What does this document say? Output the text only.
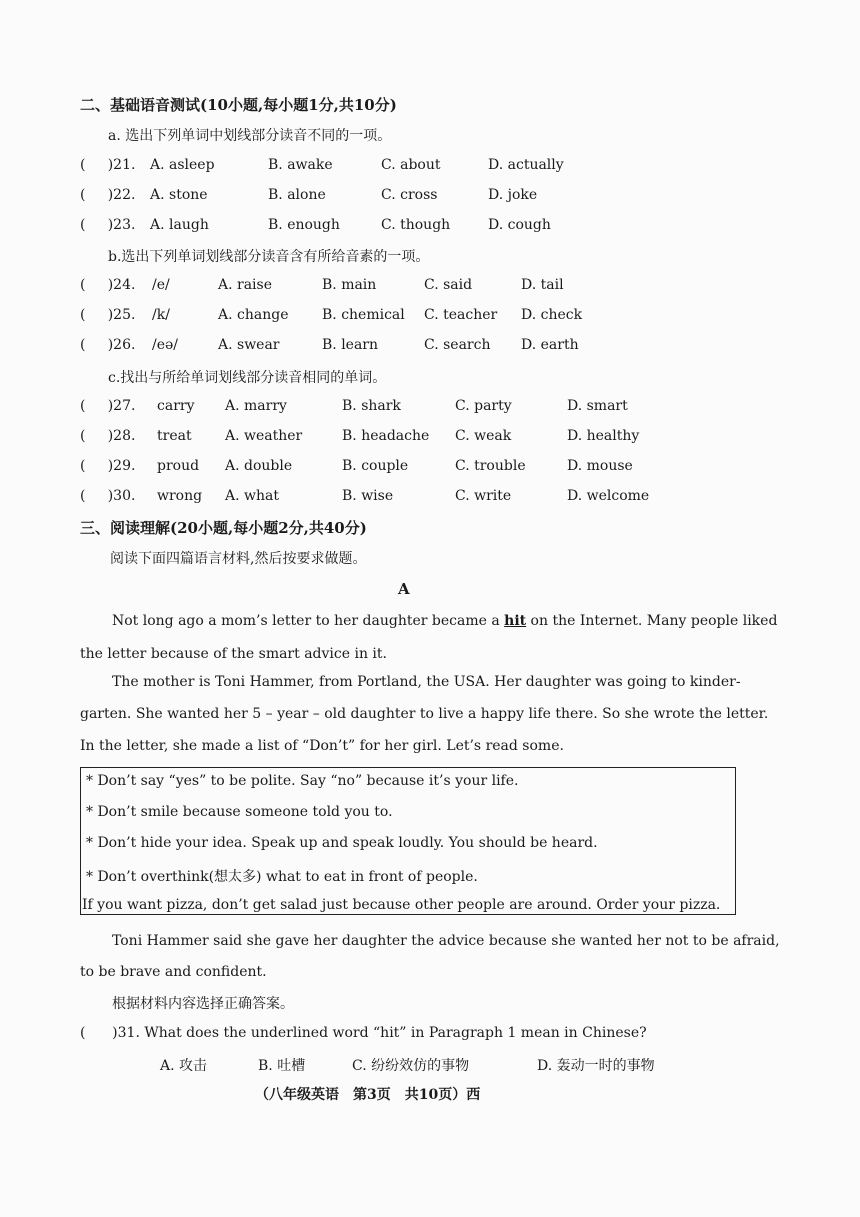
二、基础语音测试(10小题,每小题1分,共10分)
a. 选出下列单词中划线部分读音不同的一项。
(     )21. A. asleep	B. awake	C. about	D. actually
(     )22. A. stone	B. alone	C. cross	D. joke
(     )23. A. laugh	B. enough	C. though	D. cough
(     )24. /e/	A. raise	B. main	C. said	D. tail
(     )25. /k/	A. change B. chemical C. teacher D. check
(     )26. /eə/	A. swear	B. learn	C. search D. earth
(     )27. carry A. marry	B. shark	C. party	D. smart
(     )28. treat A. weather	B. headache C. weak	D. healthy
(     )29. proud A. double	B. couple	C. trouble	D. mouse
(     )30. wrong A. what	B. wise	C. write	D. welcome
b.选出下列单词划线部分读音含有所给音素的一项。
c.找出与所给单词划线部分读音相同的单词。
三、阅读理解(20小题,每小题2分,共40分)
阅读下面四篇语言材料,然后按要求做题。
A
Not long ago a mom’s letter to her daughter became a hit on the Internet. Many people liked
the letter because of the smart advice in it.
The mother is Toni Hammer, from Portland, the USA. Her daughter was going to kinder-
garten. She wanted her 5 – year – old daughter to live a happy life there. So she wrote the letter.
In the letter, she made a list of “Don’t” for her girl. Let’s read some.
* Don’t say “yes” to be polite. Say “no” because it’s your life.
* Don’t smile because someone told you to.
* Don’t hide your idea. Speak up and speak loudly. You should be heard.
* Don’t overthink(想太多) what to eat in front of people.
If you want pizza, don’t get salad just because other people are around. Order your pizza.
Toni Hammer said she gave her daughter the advice because she wanted her not to be afraid,
to be brave and confident.
根据材料内容选择正确答案。
(      )31. What does the underlined word “hit” in Paragraph 1 mean in Chinese?
A. 攻击	B. 吐槽	C. 纷纷效仿的事物	D. 轰动一时的事物
（八年级英语　第3页　共10页）西
